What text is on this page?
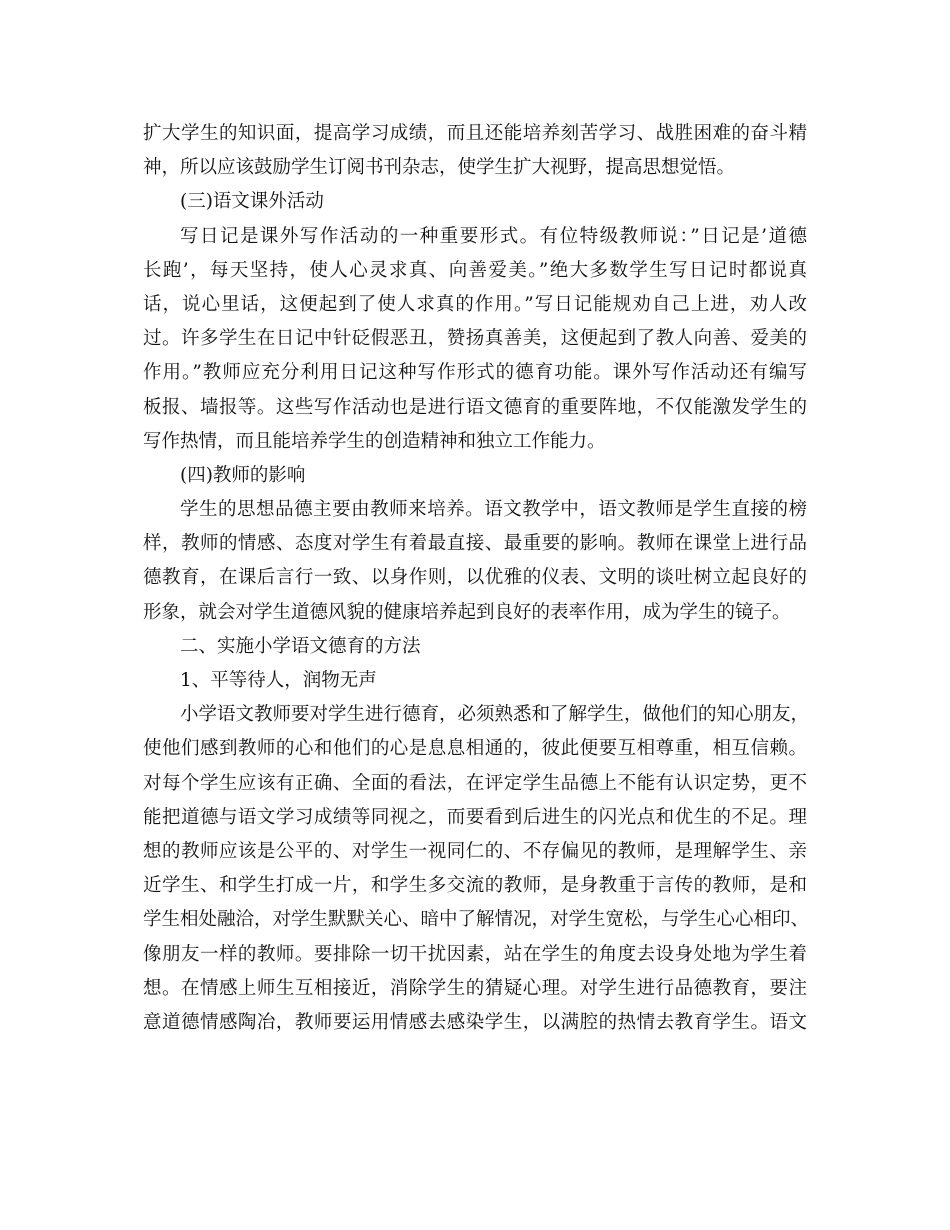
扩大学生的知识面，提高学习成绩，而且还能培养刻苦学习、战胜困难的奋斗精
神，所以应该鼓励学生订阅书刊杂志，使学生扩大视野，提高思想觉悟。
(三)语文课外活动
写日记是课外写作活动的一种重要形式。有位特级教师说：”日记是’道德
长跑’，每天坚持，使人心灵求真、向善爱美。”绝大多数学生写日记时都说真
话，说心里话，这便起到了使人求真的作用。”写日记能规劝自己上进，劝人改
过。许多学生在日记中针砭假恶丑，赞扬真善美，这便起到了教人向善、爱美的
作用。”教师应充分利用日记这种写作形式的德育功能。课外写作活动还有编写
板报、墙报等。这些写作活动也是进行语文德育的重要阵地，不仅能激发学生的
写作热情，而且能培养学生的创造精神和独立工作能力。
(四)教师的影响
学生的思想品德主要由教师来培养。语文教学中，语文教师是学生直接的榜
样，教师的情感、态度对学生有着最直接、最重要的影响。教师在课堂上进行品
德教育，在课后言行一致、以身作则，以优雅的仪表、文明的谈吐树立起良好的
形象，就会对学生道德风貌的健康培养起到良好的表率作用，成为学生的镜子。
二、实施小学语文德育的方法
1、平等待人，润物无声
小学语文教师要对学生进行德育，必须熟悉和了解学生，做他们的知心朋友，
使他们感到教师的心和他们的心是息息相通的，彼此便要互相尊重，相互信赖。
对每个学生应该有正确、全面的看法，在评定学生品德上不能有认识定势，更不
能把道德与语文学习成绩等同视之，而要看到后进生的闪光点和优生的不足。理
想的教师应该是公平的、对学生一视同仁的、不存偏见的教师，是理解学生、亲
近学生、和学生打成一片，和学生多交流的教师，是身教重于言传的教师，是和
学生相处融洽，对学生默默关心、暗中了解情况，对学生宽松，与学生心心相印、
像朋友一样的教师。要排除一切干扰因素，站在学生的角度去设身处地为学生着
想。在情感上师生互相接近，消除学生的猜疑心理。对学生进行品德教育，要注
意道德情感陶冶，教师要运用情感去感染学生，以满腔的热情去教育学生。语文
